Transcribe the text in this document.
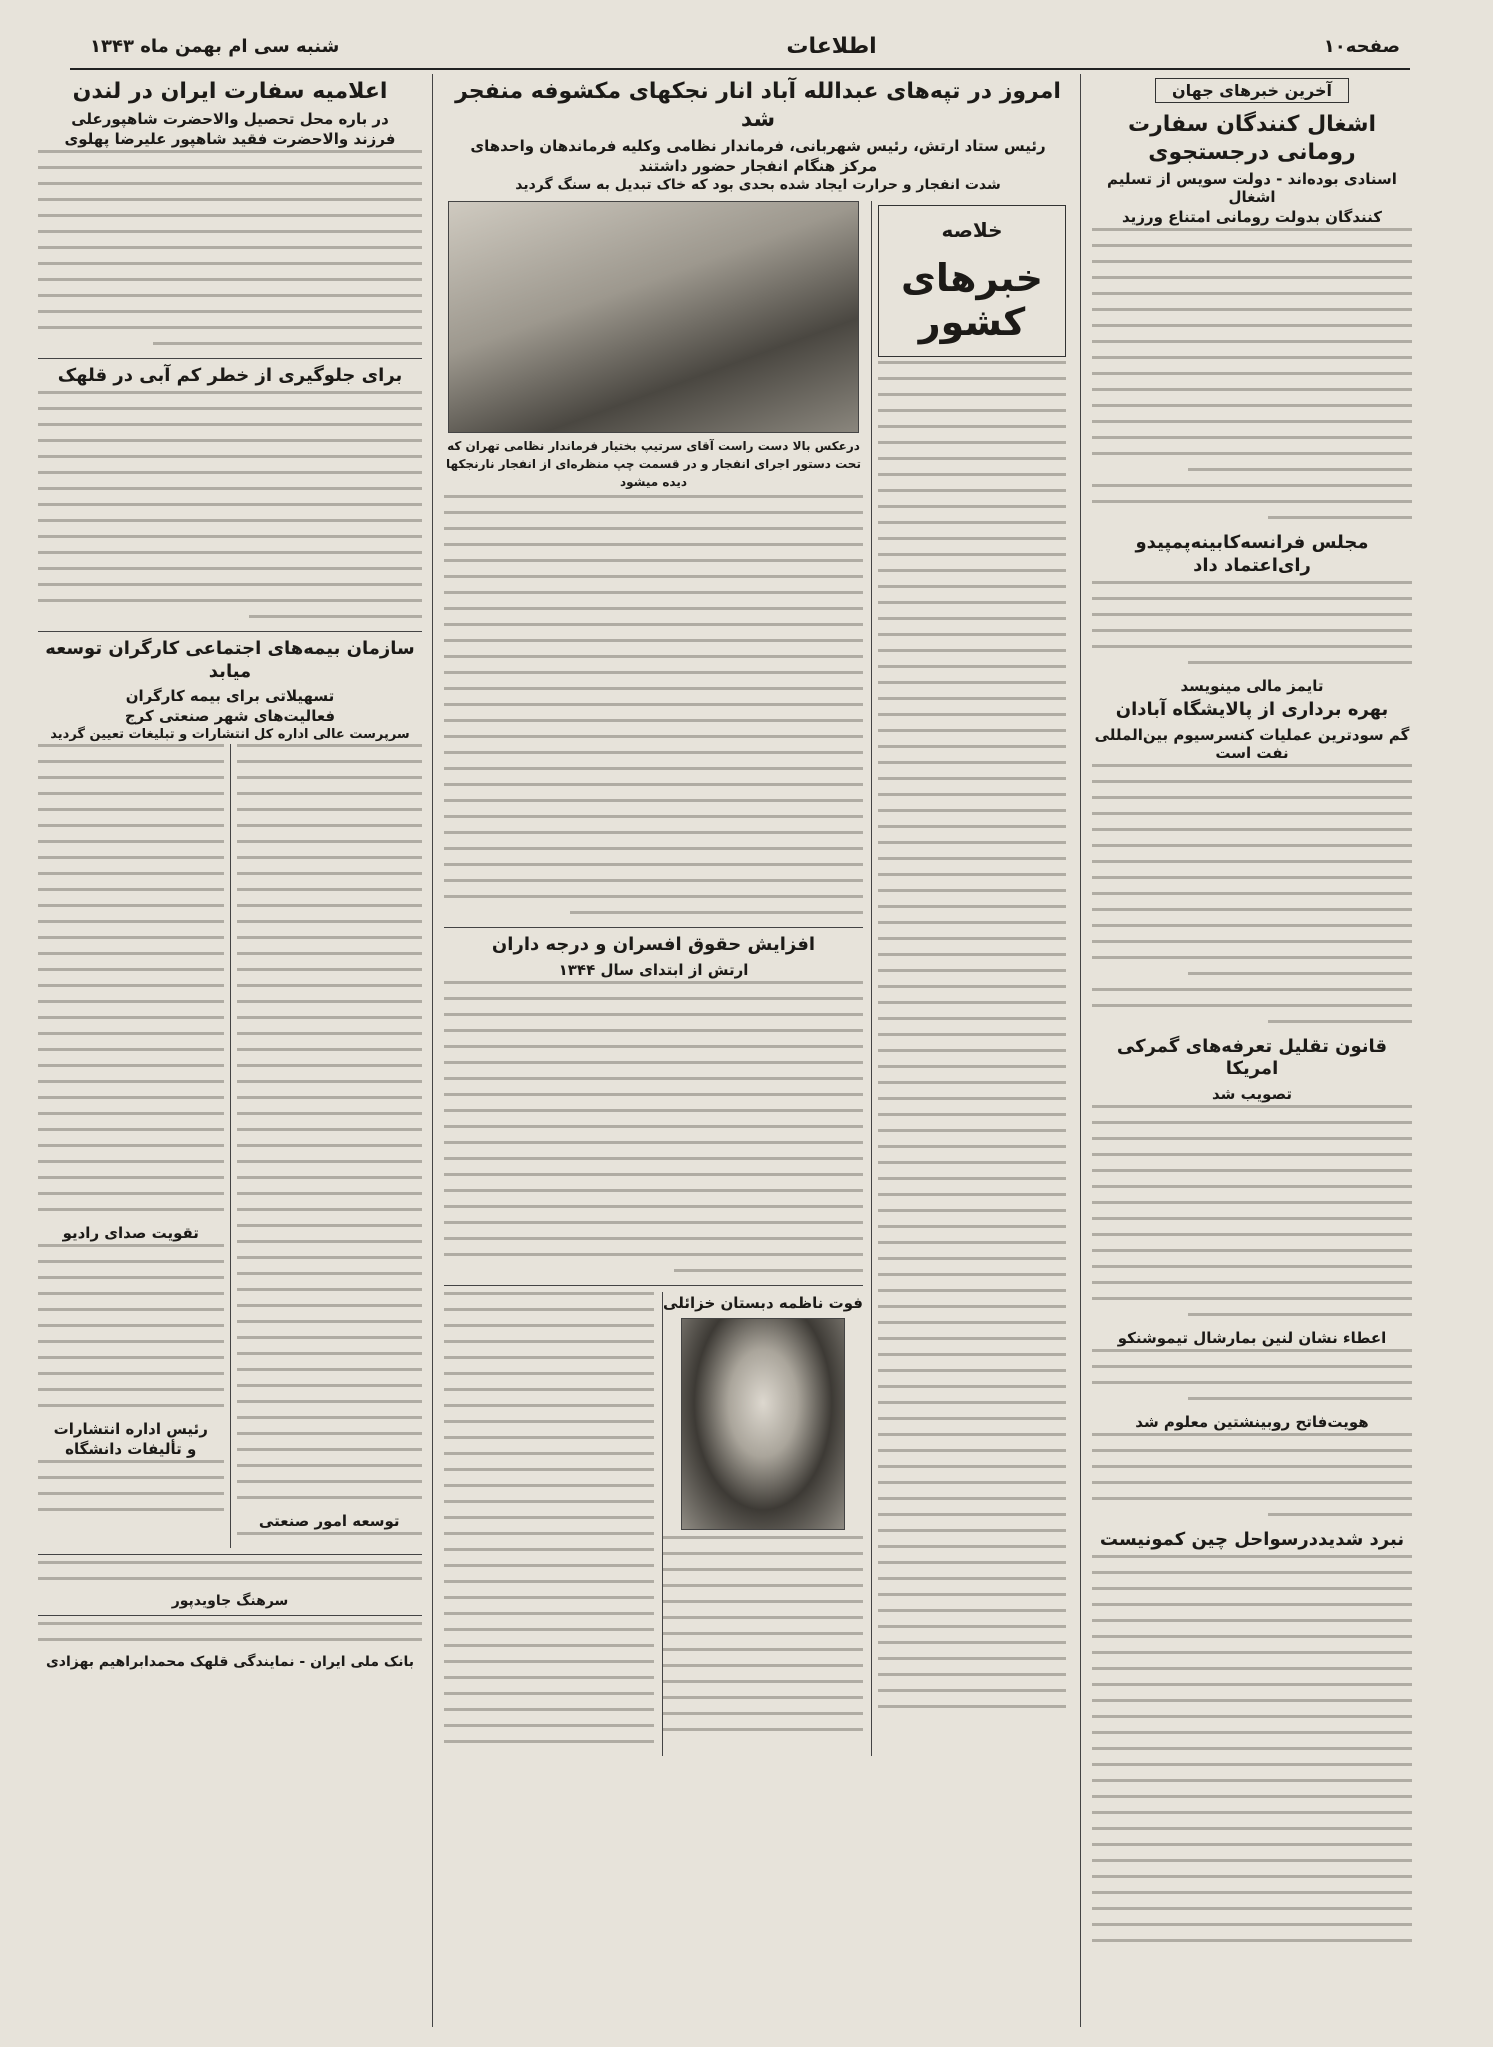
شنبه سی ام بهمن ماه ۱۳۴۳	اطلاعات	صفحه۱۰
آخرین خبرهای جهان
اشغال کنندگان سفارت رومانی درجستجوی
اسنادی بوده‌اند - دولت سویس از تسلیم اشغال
کنندگان بدولت رومانی امتناع ورزید
مجلس فرانسه‌کابینه‌پمپیدو رای‌اعتماد داد
تایمز مالی مینویسد
بهره برداری از پالایشگاه آبادان
گم سودترین عملیات کنسرسیوم بین‌المللی نفت است
قانون تقلیل تعرفه‌های گمرکی امریکا
تصویب شد
اعطاء نشان لنین بمارشال تیموشنکو
هویت‌فاتح روبینشتین معلوم شد
نبرد شدیددرسواحل چین کمونیست
امروز در تپه‌های عبدالله آباد انار نجکهای مکشوفه منفجر شد
رئیس ستاد ارتش، رئیس شهربانی، فرماندار نظامی وکلیه فرماندهان واحدهای
مرکز هنگام انفجار حضور داشتند
شدت انفجار و حرارت ایجاد شده بحدی بود که خاک تبدیل به سنگ گردید
خلاصه
خبرهای کشور
درعکس بالا دست راست آقای سرتیپ بختیار فرماندار نظامی تهران که تحت دستور اجرای انفجار و در قسمت چپ منظره‌ای از انفجار نارنجکها دیده میشود
افزایش حقوق افسران و درجه داران
ارتش از ابتدای سال ۱۳۴۴
فوت ناظمه دبستان خزائلی
اعلامیه سفارت ایران در لندن
در باره محل تحصیل والاحضرت شاهپورعلی
فرزند والاحضرت فقید شاهپور علیرضا پهلوی
برای جلوگیری از خطر کم آبی در قلهک
سازمان بیمه‌های اجتماعی کارگران توسعه میابد
تسهیلاتی برای بیمه کارگران
فعالیت‌های شهر صنعتی کرج
سرپرست عالی اداره کل انتشارات و تبلیغات تعیین گردید
توسعه امور صنعتی
تقویت صدای رادیو
رئیس اداره انتشارات
و تألیفات دانشگاه
سرهنگ جاویدپور
بانک ملی ایران - نمایندگی قلهک محمدابراهیم بهزادی
